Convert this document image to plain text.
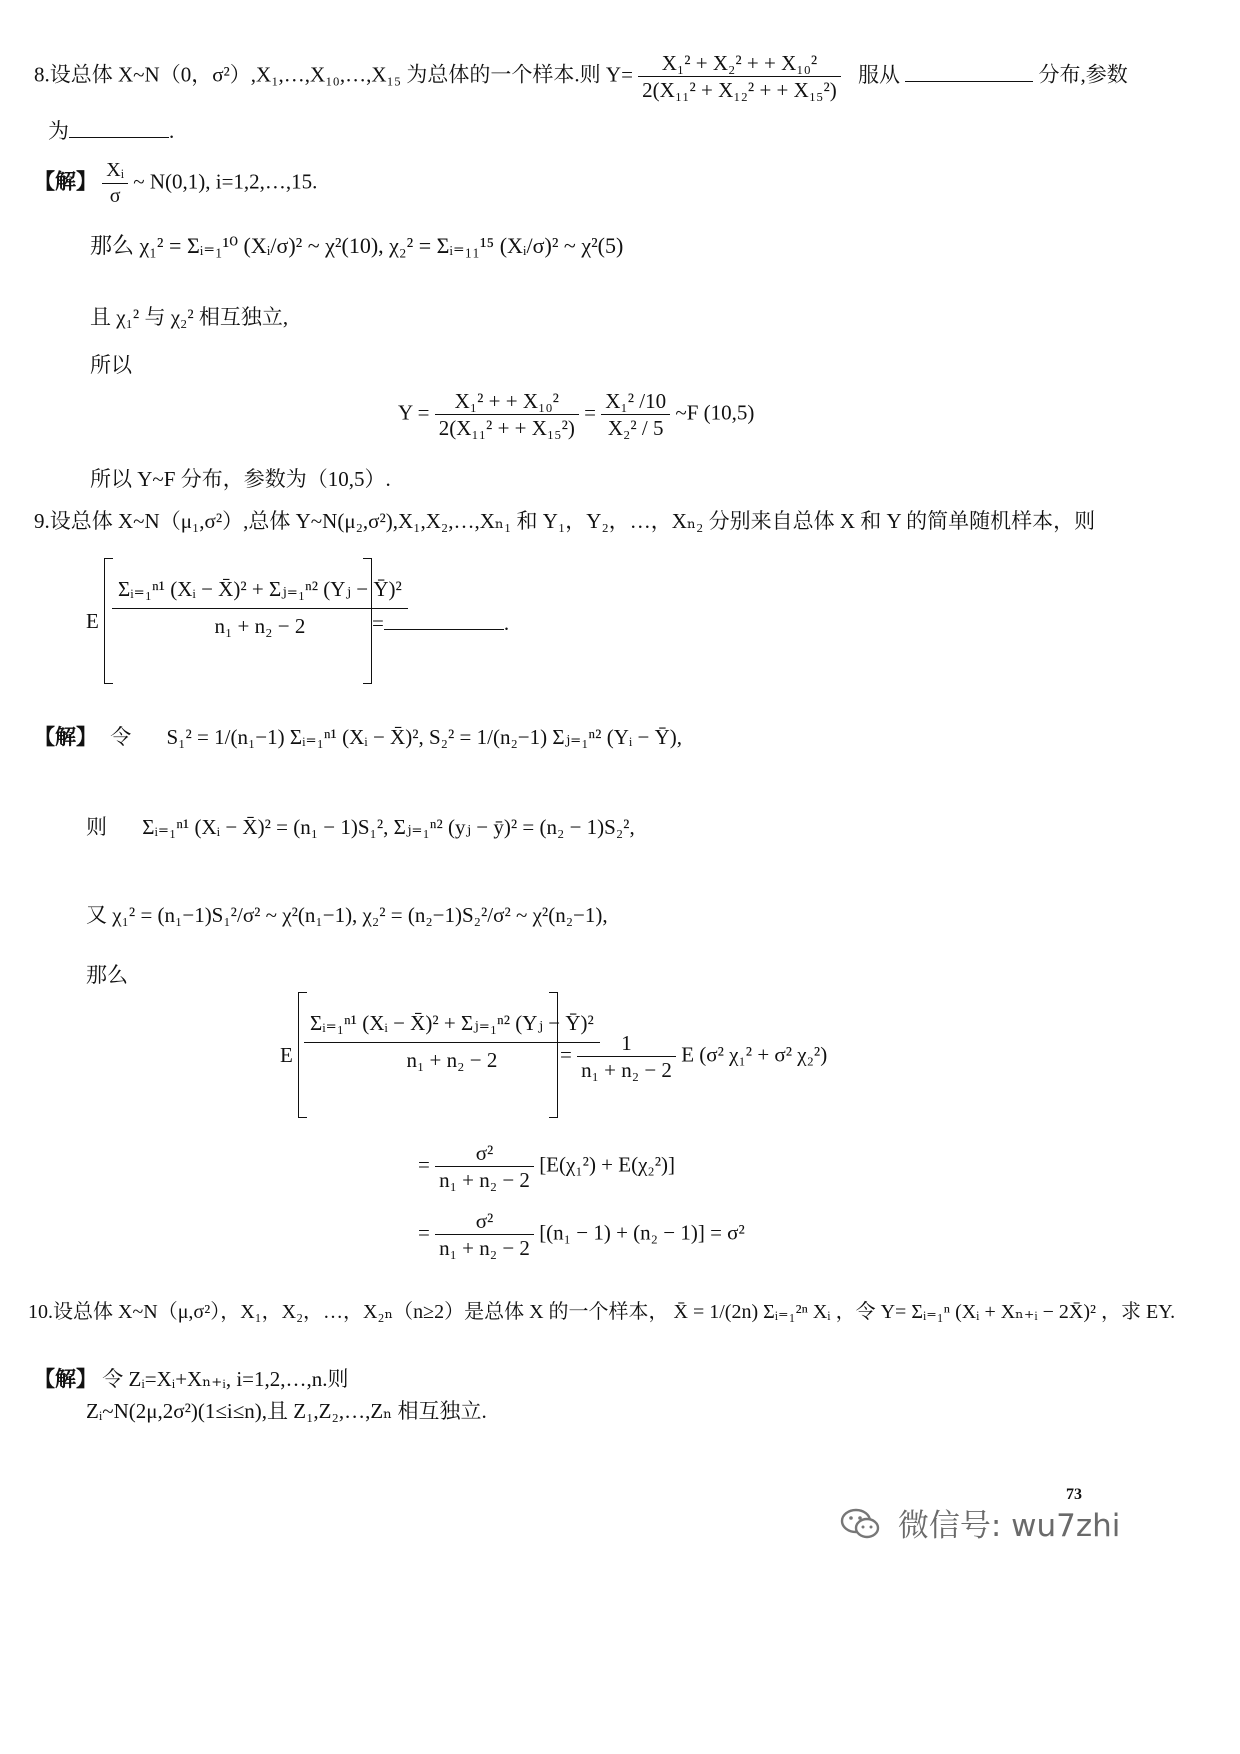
8.设总体 X~N（0，σ²）,X₁,…,X₁₀,…,X₁₅ 为总体的一个样本.则 $Y= \frac{\text{X₁² + X₂² + + X₁₀²}}{\text{2(X₁₁² + X₁₂² + + X₁₅²)}}$ 服从	分布,参数
为	.
【解】 $\frac{\text{Xᵢ}}{\sigma}$ ~ N(0,1), i=1,2,…,15.
那么 χ₁² = Σᵢ₌₁¹⁰ (Xᵢ/σ)² ~ χ²(10), χ₂² = Σᵢ₌₁₁¹⁵ (Xᵢ/σ)² ~ χ²(5)
且 χ₁² 与 χ₂² 相互独立,
所以
$Y = \frac{\text{X₁² + + X₁₀²}}{\text{2(X₁₁² + + X₁₅²)}} = \frac{\text{X₁² /10}}{\text{X₂² / 5}}$ ~F (10,5)
所以 Y~F 分布，参数为（10,5）.
9.设总体 X~N（μ₁,σ²）,总体 Y~N(μ₂,σ²),X₁,X₂,…,Xₙ₁ 和 Y₁，Y₂，…，Xₙ₂ 分别来自总体 X 和 Y 的简单随机样本，则
E $\frac{\text{Σᵢ₌₁ⁿ¹ (Xᵢ − X̄)² + Σⱼ₌₁ⁿ² (Yⱼ − Ȳ)²}}{\text{n₁ + n₂ − 2}}$
=	.
【解】 令 S₁² = 1/(n₁−1) Σᵢ₌₁ⁿ¹ (Xᵢ − X̄)², S₂² = 1/(n₂−1) Σⱼ₌₁ⁿ² (Yᵢ − Ȳ),
则 Σᵢ₌₁ⁿ¹ (Xᵢ − X̄)² = (n₁ − 1)S₁², Σⱼ₌₁ⁿ² (yⱼ − ȳ)² = (n₂ − 1)S₂²,
又 χ₁² = (n₁−1)S₁²/σ² ~ χ²(n₁−1), χ₂² = (n₂−1)S₂²/σ² ~ χ²(n₂−1),
那么
E $\frac{\text{Σᵢ₌₁ⁿ¹ (Xᵢ − X̄)² + Σⱼ₌₁ⁿ² (Yⱼ − Ȳ)²}}{\text{n₁ + n₂ − 2}}$
= $\frac{1}{\text{n₁ + n₂ − 2}}$ E (σ² χ₁² + σ² χ₂²)
= $\frac{\text{σ²}}{\text{n₁ + n₂ − 2}} [E(\chi_1^2) + E(\chi_2^2)]$
= $\frac{\text{σ²}}{\text{n₁ + n₂ − 2}} [(n_1 - 1) + (n_2 - 1)] = \sigma^2$
10.设总体 X~N（μ,σ²），X₁，X₂，…，X₂ₙ（n≥2）是总体 X 的一个样本， X̄ = 1/(2n) Σᵢ₌₁²ⁿ Xᵢ ，令 Y= Σᵢ₌₁ⁿ (Xᵢ + Xₙ₊ᵢ − 2X̄)² ，求 EY.
【解】 令 Zᵢ=Xᵢ+Xₙ₊ᵢ, i=1,2,…,n.则
Zᵢ~N(2μ,2σ²)(1≤i≤n),且 Z₁,Z₂,…,Zₙ 相互独立.
73
微信号: wu7zhi
